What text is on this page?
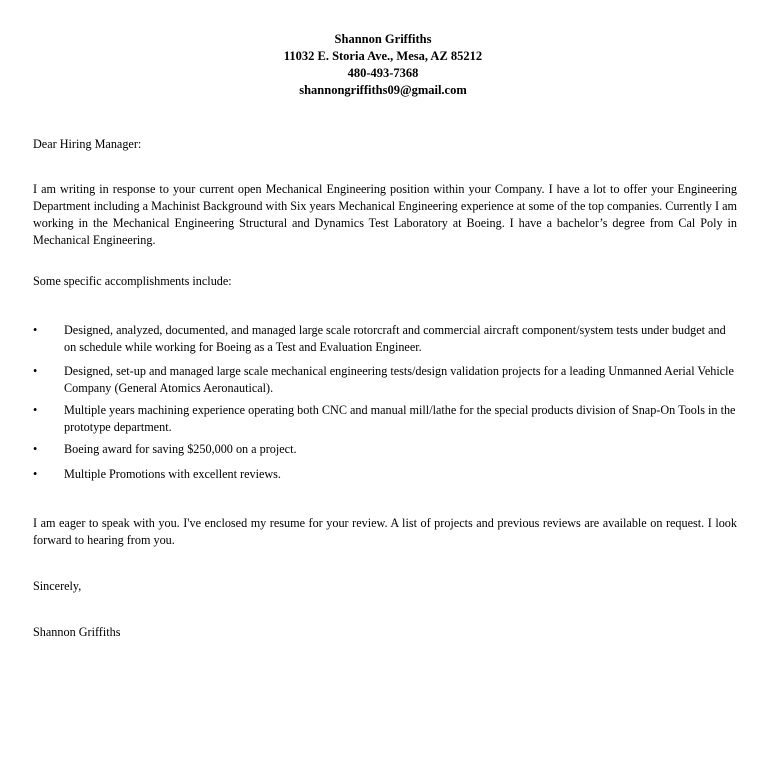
Shannon Griffiths
11032 E. Storia Ave., Mesa, AZ 85212
480-493-7368
shannongriffiths09@gmail.com
Dear Hiring Manager:
I am writing in response to your current open Mechanical Engineering position within your Company. I have a lot to offer your Engineering Department including a Machinist Background with Six years Mechanical Engineering experience at some of the top companies. Currently I am working in the Mechanical Engineering Structural and Dynamics Test Laboratory at Boeing. I have a bachelor’s degree from Cal Poly in Mechanical Engineering.
Some specific accomplishments include:
• Designed, analyzed, documented, and managed large scale rotorcraft and commercial aircraft component/system tests under budget and on schedule while working for Boeing as a Test and Evaluation Engineer.
• Designed, set-up and managed large scale mechanical engineering tests/design validation projects for a leading Unmanned Aerial Vehicle Company (General Atomics Aeronautical).
• Multiple years machining experience operating both CNC and manual mill/lathe for the special products division of Snap-On Tools in the prototype department.
• Boeing award for saving $250,000 on a project.
• Multiple Promotions with excellent reviews.
I am eager to speak with you. I've enclosed my resume for your review. A list of projects and previous reviews are available on request. I look forward to hearing from you.
Sincerely,
Shannon Griffiths
